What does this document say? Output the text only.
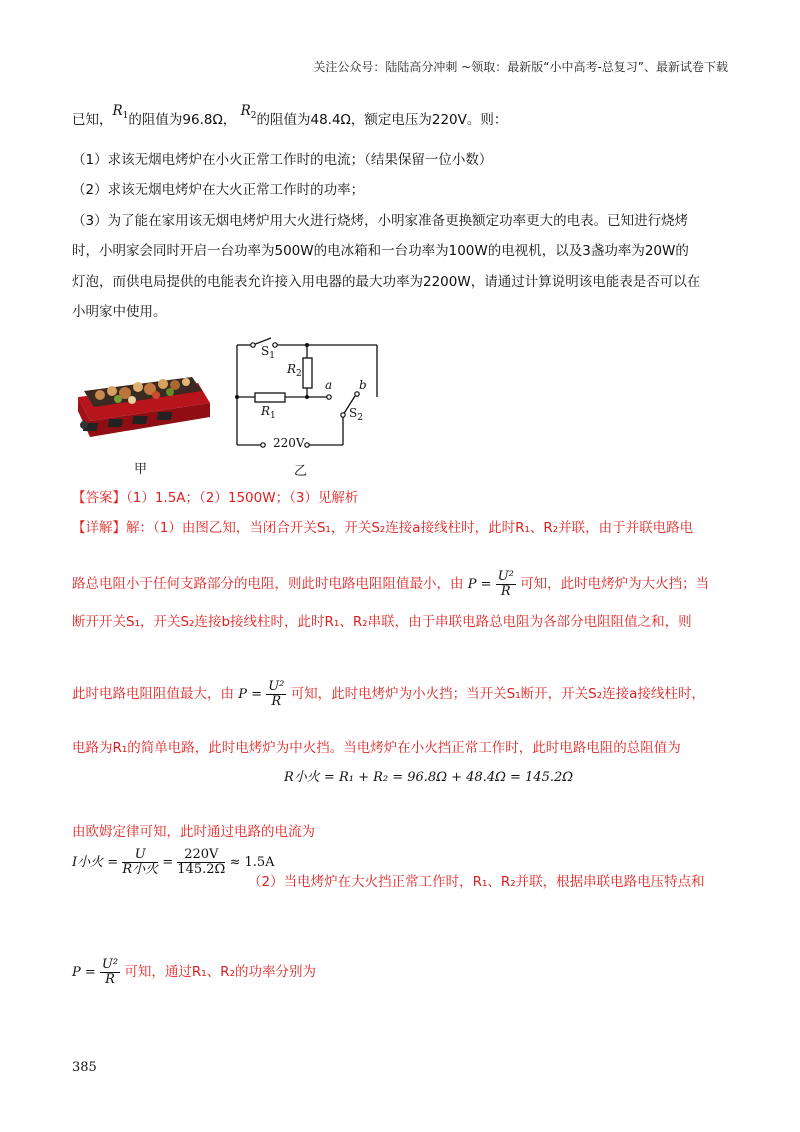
关注公众号：陆陆高分冲刺 ~领取：最新版“小中高考-总复习”、最新试卷下载
已知，$R_1$的阻值为96.8Ω， $R_2$的阻值为48.4Ω，额定电压为220V。则：
（1）求该无烟电烤炉在小火正常工作时的电流；（结果保留一位小数）
（2）求该无烟电烤炉在大火正常工作时的功率；
（3）为了能在家用该无烟电烤炉用大火进行烧烤，小明家准备更换额定功率更大的电表。已知进行烧烤
时，小明家会同时开启一台功率为500W的电冰箱和一台功率为100W的电视机，以及3盏功率为20W的
灯泡，而供电局提供的电能表允许接入用电器的最大功率为2200W，请通过计算说明该电能表是否可以在
小明家中使用。
甲
$S_1$
$R_2$
$R_1$
a b
$S_2$
220V
乙
【答案】（1）1.5A；（2）1500W；（3）见解析
【详解】解：（1）由图乙知，当闭合开关S₁，开关S₂连接a接线柱时，此时R₁、R₂并联，由于并联电路电
路总电阻小于任何支路部分的电阻，则此时电路电阻阻值最小，由 $P = \frac{\text{U²}}{R}$ 可知，此时电烤炉为大火挡；当
断开开关S₁，开关S₂连接b接线柱时，此时R₁、R₂串联，由于串联电路总电阻为各部分电阻阻值之和，则
此时电路电阻阻值最大，由 $P = \frac{\text{U²}}{R}$ 可知，此时电烤炉为小火挡；当开关S₁断开，开关S₂连接a接线柱时，
电路为R₁的简单电路，此时电烤炉为中火挡。当电烤炉在小火挡正常工作时，此时电路电阻的总阻值为
R小火 = R₁ + R₂ = 96.8Ω + 48.4Ω = 145.2Ω
由欧姆定律可知，此时通过电路的电流为
I小火 = $\frac{U}{\text{R小火}} = \frac{220V}{145.2\Omega} \approx 1.5A$
（2）当电烤炉在大火挡正常工作时，R₁、R₂并联，根据串联电路电压特点和
$P = \frac{\text{U²}}{R}$ 可知，通过R₁、R₂的功率分别为
385
